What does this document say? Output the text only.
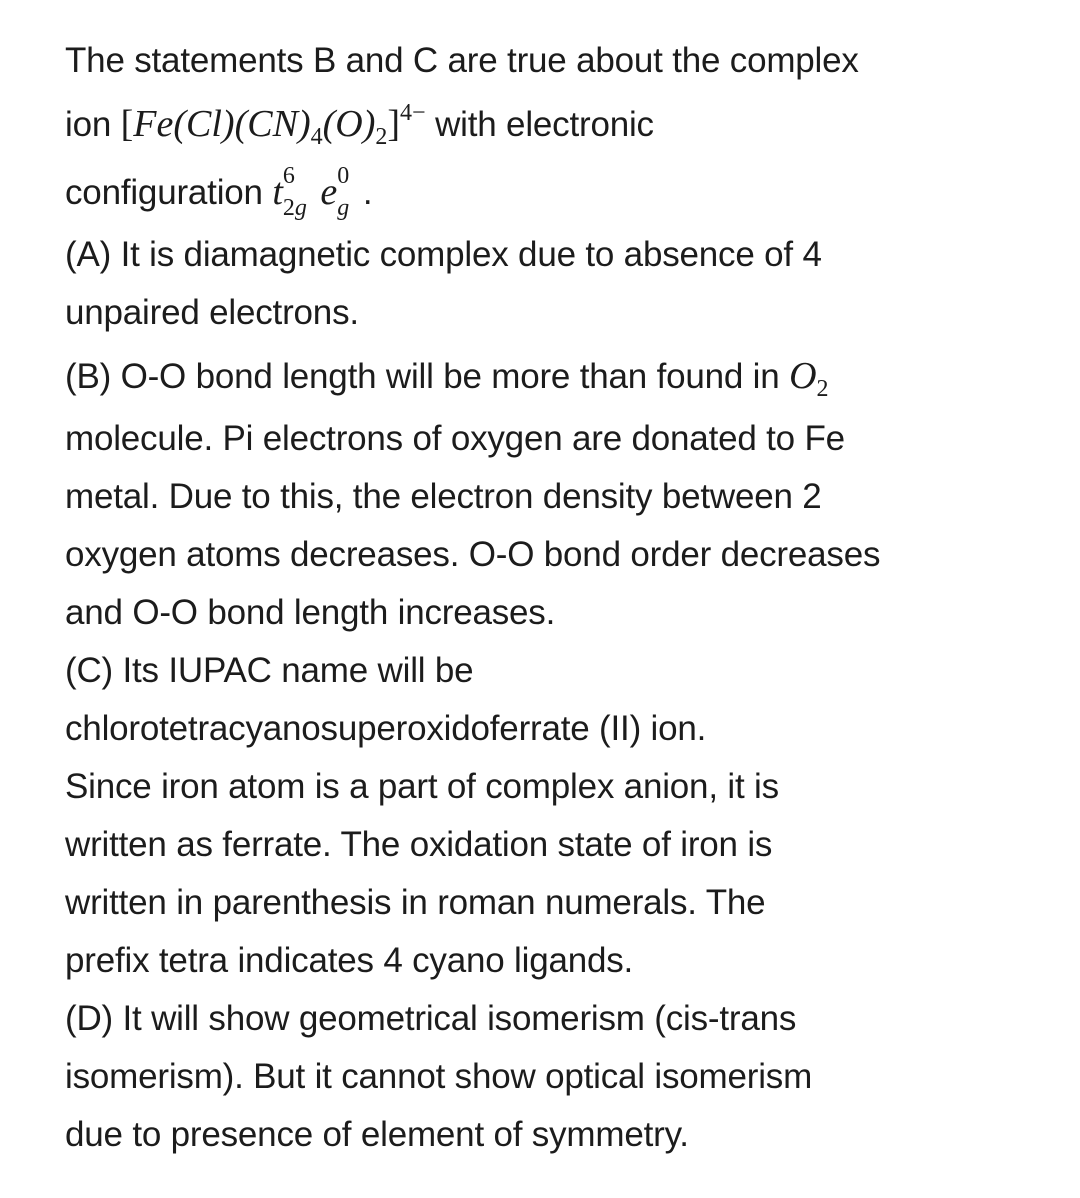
The statements B and C are true about the complex
ion $[Fe(Cl)(CN)_4(O)_2]^{4-}$ with electronic
configuration t 6
2g e 0
g .
(A) It is diamagnetic complex due to absence of 4
unpaired electrons.
(B) O-O bond length will be more than found in $O_2$
molecule. Pi electrons of oxygen are donated to Fe
metal. Due to this, the electron density between 2
oxygen atoms decreases. O-O bond order decreases
and O-O bond length increases.
(C) Its IUPAC name will be
chlorotetracyanosuperoxidoferrate (II) ion.
Since iron atom is a part of complex anion, it is
written as ferrate. The oxidation state of iron is
written in parenthesis in roman numerals. The
prefix tetra indicates 4 cyano ligands.
(D) It will show geometrical isomerism (cis-trans
isomerism). But it cannot show optical isomerism
due to presence of element of symmetry.
